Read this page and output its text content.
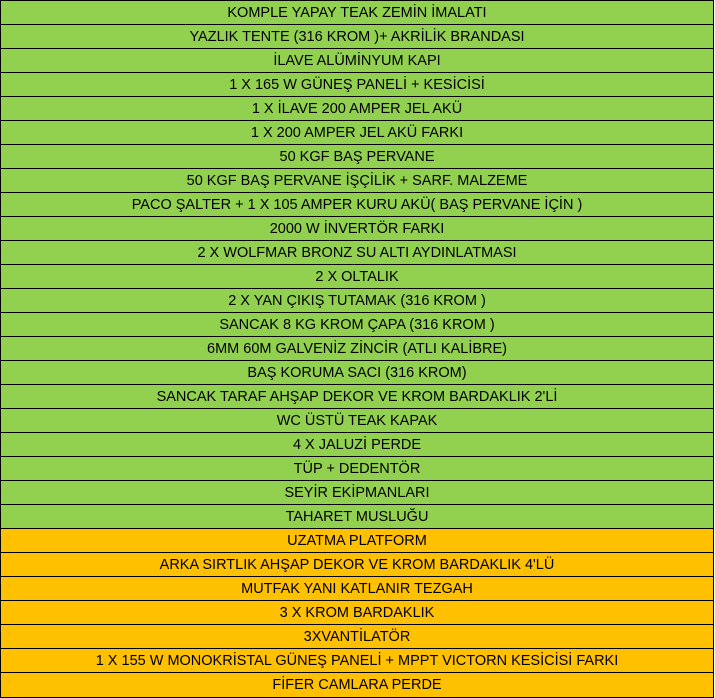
KOMPLE YAPAY TEAK ZEMİN İMALATI
YAZLIK TENTE (316 KROM )+ AKRİLİK BRANDASI
İLAVE ALÜMİNYUM KAPI
1 X 165 W GÜNEŞ PANELİ + KESİCİSİ
1 X İLAVE 200 AMPER JEL AKÜ
1 X 200 AMPER JEL AKÜ FARKI
50 KGF BAŞ PERVANE
50 KGF BAŞ PERVANE İŞÇİLİK + SARF. MALZEME
PACO ŞALTER + 1 X 105 AMPER KURU AKÜ( BAŞ PERVANE İÇİN )
2000 W İNVERTÖR FARKI
2 X WOLFMAR BRONZ SU ALTI AYDINLATMASI
2 X OLTALIK
2 X YAN ÇIKIŞ TUTAMAK (316 KROM )
SANCAK 8 KG KROM ÇAPA (316 KROM )
6MM 60M GALVENİZ ZİNCİR (ATLI KALİBRE)
BAŞ KORUMA SACI (316 KROM)
SANCAK TARAF AHŞAP DEKOR VE KROM BARDAKLIK 2'Lİ
WC ÜSTÜ TEAK KAPAK
4 X JALUZİ PERDE
TÜP + DEDENTÖR
SEYİR EKİPMANLARI
TAHARET MUSLUĞU
UZATMA PLATFORM
ARKA SIRTLIK AHŞAP DEKOR VE KROM BARDAKLIK 4'LÜ
MUTFAK YANI KATLANIR TEZGAH
3 X KROM BARDAKLIK
3XVANTİLATÖR
1 X 155 W MONOKRİSTAL GÜNEŞ PANELİ + MPPT VICTORN KESİCİSİ FARKI
FİFER CAMLARA PERDE
